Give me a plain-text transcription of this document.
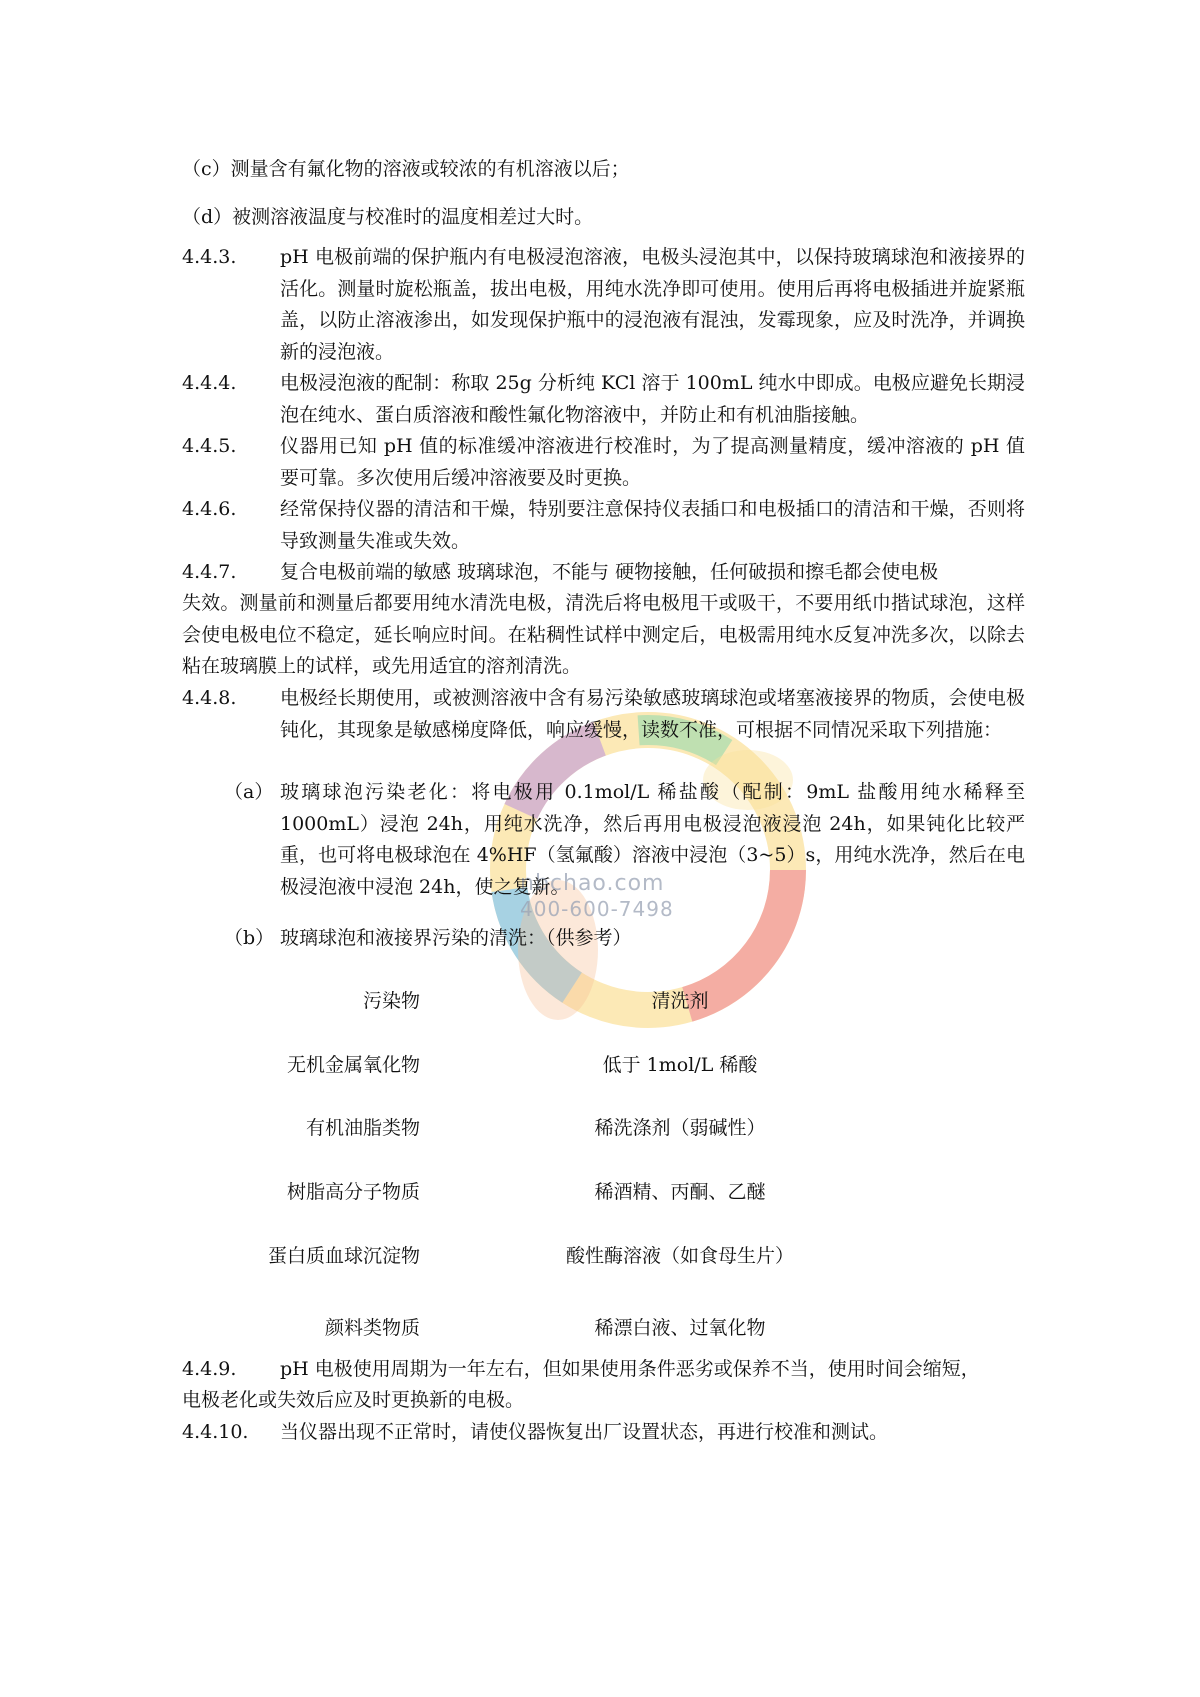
nbchao.com
400-600-7498
（c）测量含有氟化物的溶液或较浓的有机溶液以后；
（d）被测溶液温度与校准时的温度相差过大时。
4.4.3. pH 电极前端的保护瓶内有电极浸泡溶液，电极头浸泡其中，以保持玻璃球泡和液接界的活化。测量时旋松瓶盖，拔出电极，用纯水洗净即可使用。使用后再将电极插进并旋紧瓶盖，以防止溶液渗出，如发现保护瓶中的浸泡液有混浊，发霉现象，应及时洗净，并调换新的浸泡液。
4.4.4. 电极浸泡液的配制：称取 25g 分析纯 KCl 溶于 100mL 纯水中即成。电极应避免长期浸泡在纯水、蛋白质溶液和酸性氟化物溶液中，并防止和有机油脂接触。
4.4.5. 仪器用已知 pH 值的标准缓冲溶液进行校准时，为了提高测量精度，缓冲溶液的 pH 值要可靠。多次使用后缓冲溶液要及时更换。
4.4.6. 经常保持仪器的清洁和干燥，特别要注意保持仪表插口和电极插口的清洁和干燥，否则将导致测量失准或失效。
4.4.7. 复合电极前端的敏感 玻璃球泡，不能与 硬物接触，任何破损和擦毛都会使电极
失效。测量前和测量后都要用纯水清洗电极，清洗后将电极甩干或吸干，不要用纸巾揩试球泡，这样会使电极电位不稳定，延长响应时间。在粘稠性试样中测定后，电极需用纯水反复冲洗多次，以除去粘在玻璃膜上的试样，或先用适宜的溶剂清洗。
4.4.8. 电极经长期使用，或被测溶液中含有易污染敏感玻璃球泡或堵塞液接界的物质，会使电极钝化，其现象是敏感梯度降低，响应缓慢，读数不准，可根据不同情况采取下列措施：
（a） 玻璃球泡污染老化：将电极用 0.1mol/L 稀盐酸（配制：9mL 盐酸用纯水稀释至 1000mL）浸泡 24h，用纯水洗净，然后再用电极浸泡液浸泡 24h，如果钝化比较严重，也可将电极球泡在 4%HF（氢氟酸）溶液中浸泡（3~5）s，用纯水洗净，然后在电极浸泡液中浸泡 24h，使之复新。
（b） 玻璃球泡和液接界污染的清洗：（供参考）
污染物	清洗剂
无机金属氧化物	低于 1mol/L 稀酸
有机油脂类物	稀洗涤剂（弱碱性）
树脂高分子物质	稀酒精、丙酮、乙醚
蛋白质血球沉淀物	酸性酶溶液（如食母生片）
颜料类物质	稀漂白液、过氧化物
4.4.9. pH 电极使用周期为一年左右，但如果使用条件恶劣或保养不当，使用时间会缩短，
电极老化或失效后应及时更换新的电极。
4.4.10. 当仪器出现不正常时，请使仪器恢复出厂设置状态，再进行校准和测试。
